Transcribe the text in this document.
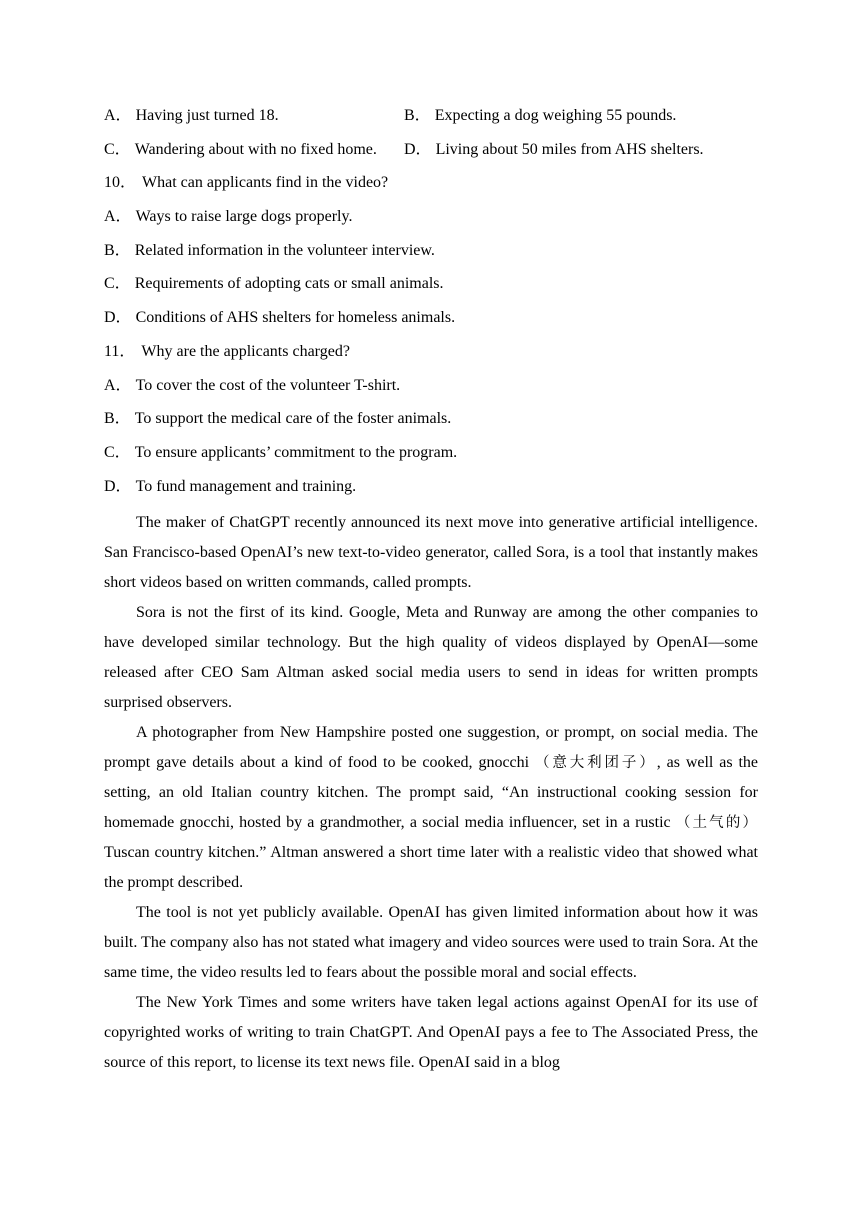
A． Having just turned 18.	B． Expecting a dog weighing 55 pounds.
C． Wandering about with no fixed home.	D． Living about 50 miles from AHS shelters.
10． What can applicants find in the video?
A． Ways to raise large dogs properly.
B． Related information in the volunteer interview.
C． Requirements of adopting cats or small animals.
D． Conditions of AHS shelters for homeless animals.
11． Why are the applicants charged?
A． To cover the cost of the volunteer T-shirt.
B． To support the medical care of the foster animals.
C． To ensure applicants’ commitment to the program.
D． To fund management and training.

The maker of ChatGPT recently announced its next move into generative artificial intelligence. San Francisco-based OpenAI’s new text-to-video generator, called Sora, is a tool that instantly makes short videos based on written commands, called prompts.

Sora is not the first of its kind. Google, Meta and Runway are among the other companies to have developed similar technology. But the high quality of videos displayed by OpenAI—some released after CEO Sam Altman asked social media users to send in ideas for written prompts surprised observers.

A photographer from New Hampshire posted one suggestion, or prompt, on social media. The prompt gave details about a kind of food to be cooked, gnocchi （意大利团子）, as well as the setting, an old Italian country kitchen. The prompt said, “An instructional cooking session for homemade gnocchi, hosted by a grandmother, a social media influencer, set in a rustic （土气的） Tuscan country kitchen.” Altman answered a short time later with a realistic video that showed what the prompt described.

The tool is not yet publicly available. OpenAI has given limited information about how it was built. The company also has not stated what imagery and video sources were used to train Sora. At the same time, the video results led to fears about the possible moral and social effects.

The New York Times and some writers have taken legal actions against OpenAI for its use of copyrighted works of writing to train ChatGPT. And OpenAI pays a fee to The Associated Press, the source of this report, to license its text news file. OpenAI said in a blog
